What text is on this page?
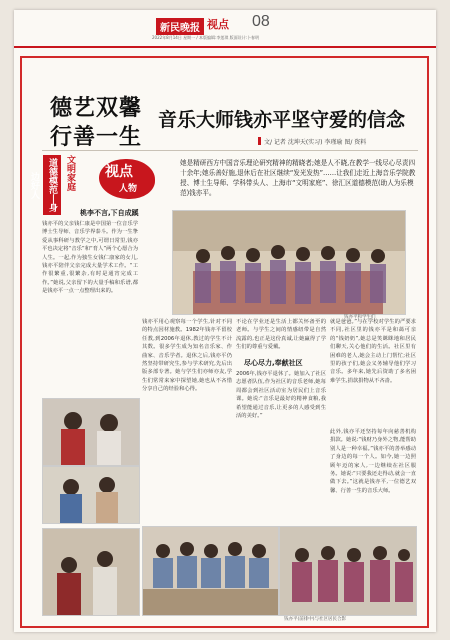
新民晚报 视点 08
2022年8月14日 星期一 / 本版编辑:李莲琪 版面设计:卜春明
德艺双馨
行善一生
音乐大师钱亦平坚守爱的信念
文/ 记者 沈坤天(实习) 李瑾瑜 图/ 资料
道德模范丨身边好人	文明家庭 视点
人物
她是精研西方中国音乐理论研究精神的精晓者;她是人不晓,在教学一线尽心尽责四十余年;她乐善好施,退休后在社区继续“发光发热”……让我们走近上海音乐学院教授、博士生导师、学科带头人、上海市“文明家庭”、徐汇区道德模范(助人为乐模范)钱亦平。
桃李不言,下自成蹊
尽心尽力,奉献社区
钱亦平的父亲钱仁康是中国第一位音乐学博士生导师、音乐学界泰斗。作为一生挚爱从事科研与教学之中,可谓日常里,钱亦平也决定将“音乐”和“育人”两个心愿合为人生。一起,作为独生女钱仁康家的女儿,钱亦平陪伴父亲完成大量学术工作。“工作很繁重,很繁杂,有时是通宵完成工作。”她说,父亲留下的大量手稿和乐谱,都是钱亦平一点一点整理出来的。
钱亦平用心观察每一个学生,针对不同的特点因材施教。1982年钱亦平留校任教,到2006年退休,教过的学生不计其数。很多学生成为知名音乐家、作曲家、音乐学者。退休之后,钱亦平仍然坚持带研究生,参与学术研究,先后出版多部专著。她与学生们亦师亦友,学生们常常来家中探望她,她也从不吝惜分享自己的经验和心得。
不论在学业还是生活上都关怀备至的老师。与学生之间的情感纽带是自然流露的,也正是这份真诚,让她赢得了学生们的尊重与爱戴。
2006年,钱亦平退休了。她加入了社区志愿者队伍,作为社区的音乐老师,她每周都会到社区活动室为居民们上音乐课。她说:“音乐是最好的精神食粮,我希望能通过音乐,让更多的人感受到生活的美好。”
就是爸爸。”与在学校对学生的严要求不同,社区里的钱亦平是和蔼可亲的“钱奶奶”,她总是笑眯眯地和居民们聊天,关心他们的生活。社区里有困难的老人,她会主动上门帮忙;社区里的孩子们,她会义务辅导他们学习音乐。多年来,她先后资助了多名困难学生,捐款捐物从不吝啬。
此外,钱亦平还坚持每年向慈善机构捐款。她说:“钱财乃身外之物,能帮助别人是一种幸福。”钱亦平的善举感动了身边的每一个人。如今,她一边照顾年迈的家人,一边继续在社区服务。她说:“只要我还走得动,就会一直做下去。”这就是钱亦平,一位德艺双馨、行善一生的音乐大师。
钱亦平和学生们
钱亦平(前排中)与社区居民合影
